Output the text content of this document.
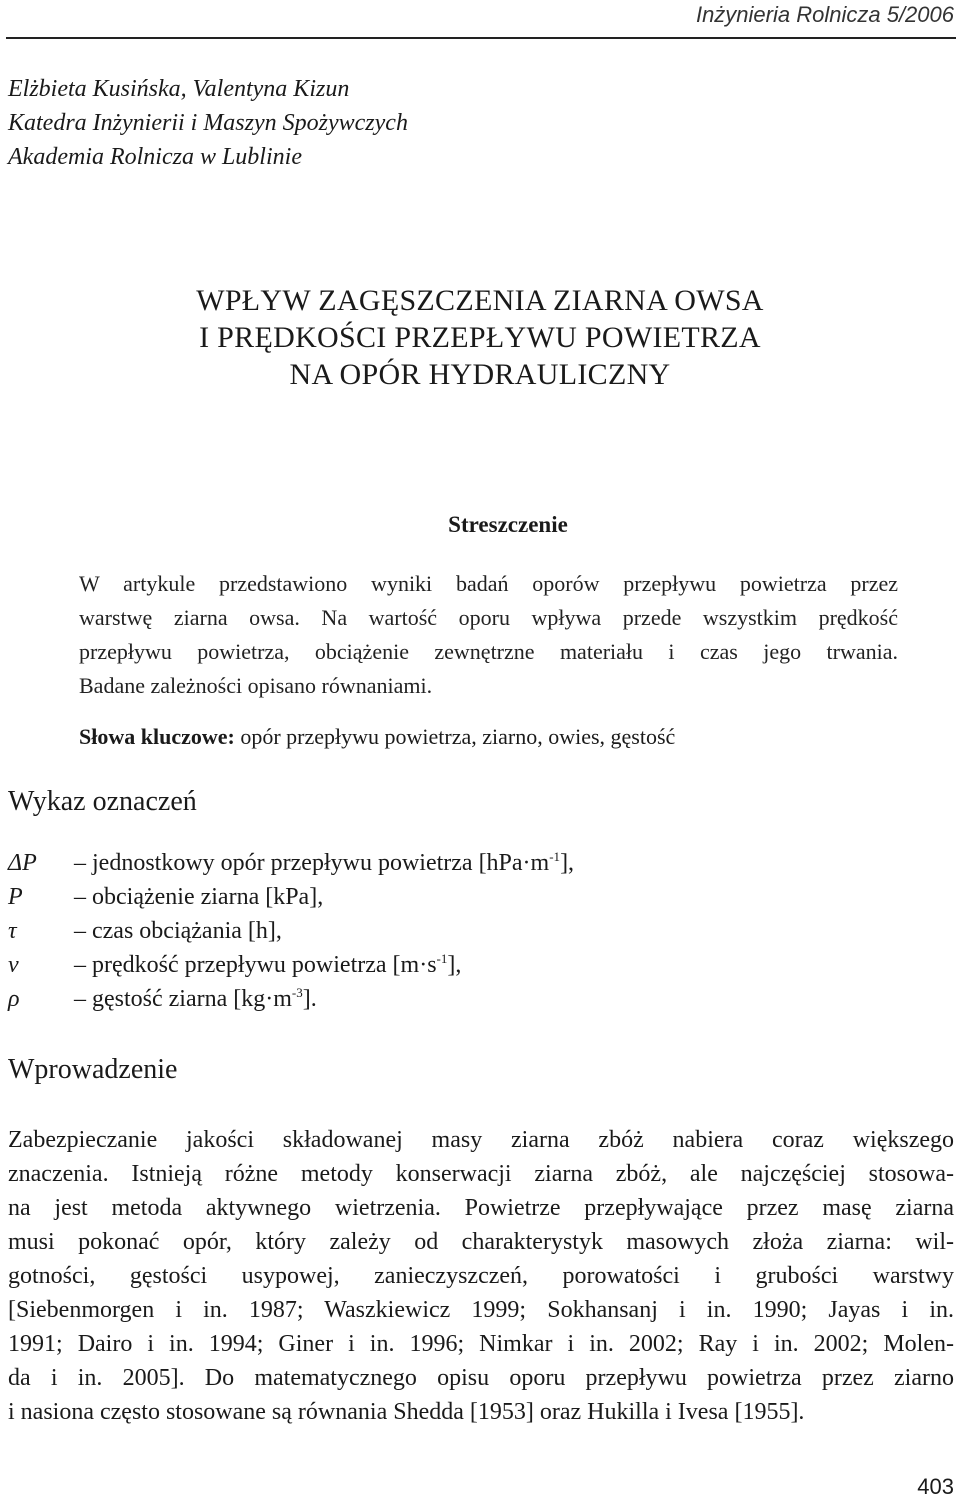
Inżynieria Rolnicza 5/2006
Elżbieta Kusińska, Valentyna Kizun
Katedra Inżynierii i Maszyn Spożywczych
Akademia Rolnicza w Lublinie
WPŁYW ZAGĘSZCZENIA ZIARNA OWSA
I PRĘDKOŚCI PRZEPŁYWU POWIETRZA
NA OPÓR HYDRAULICZNY
Streszczenie
W artykule przedstawiono wyniki badań oporów przepływu powietrza przez
warstwę ziarna owsa. Na wartość oporu wpływa przede wszystkim prędkość
przepływu powietrza, obciążenie zewnętrzne materiału i czas jego trwania.
Badane zależności opisano równaniami.
Słowa kluczowe: opór przepływu powietrza, ziarno, owies, gęstość
Wykaz oznaczeń
ΔP – jednostkowy opór przepływu powietrza $[hPa\cdot m^{-1}]$,
P – obciążenie ziarna [kPa],
τ – czas obciążania [h],
v – prędkość przepływu powietrza $[m\cdot s^{-1}]$,
ρ – gęstość ziarna $[kg\cdot m^{-3}]$.
Wprowadzenie
Zabezpieczanie jakości składowanej masy ziarna zbóż nabiera coraz większego
znaczenia. Istnieją różne metody konserwacji ziarna zbóż, ale najczęściej stosowa-
na jest metoda aktywnego wietrzenia. Powietrze przepływające przez masę ziarna
musi pokonać opór, który zależy od charakterystyk masowych złoża ziarna: wil-
gotności, gęstości usypowej, zanieczyszczeń, porowatości i grubości warstwy
[Siebenmorgen i in. 1987; Waszkiewicz 1999; Sokhansanj i in. 1990; Jayas i in.
1991; Dairo i in. 1994; Giner i in. 1996; Nimkar i in. 2002; Ray i in. 2002; Molen-
da i in. 2005]. Do matematycznego opisu oporu przepływu powietrza przez ziarno
i nasiona często stosowane są równania Shedda [1953] oraz Hukilla i Ivesa [1955].
403
